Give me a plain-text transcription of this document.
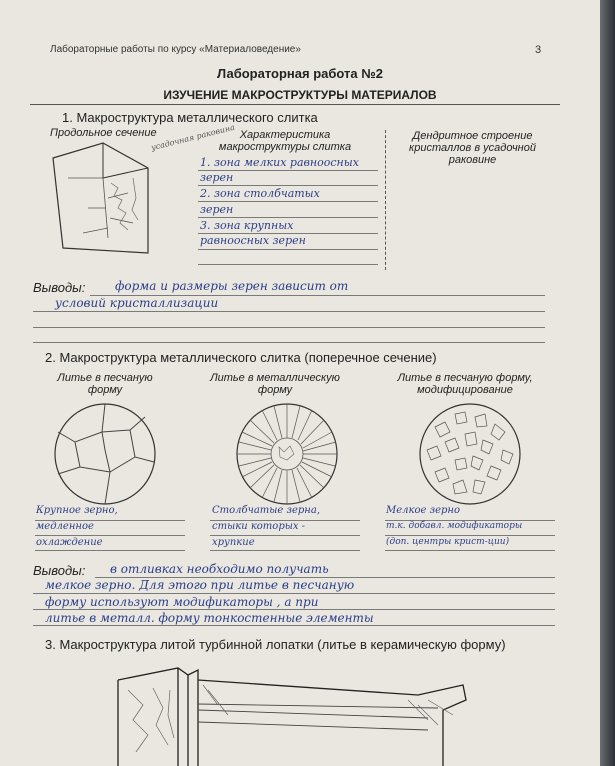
Лабораторные работы по курсу «Материаловедение»	3
Лабораторная работа №2
ИЗУЧЕНИЕ МАКРОСТРУКТУРЫ МАТЕРИАЛОВ
1. Макроструктура металлического слитка
Продольное сечение
усадочная раковина Характеристика макроструктуры слитка
Дендритное строение кристаллов в усадочной раковине
1. зона мелких равноосных
зерен
2. зона столбчатых
зерен
3. зона крупных
равноосных зерен
Выводы: форма и размеры зерен зависит от
условий кристаллизации
2. Макроструктура металлического слитка (поперечное сечение)
Литье в песчаную форму
Литье в металлическую форму
Литье в песчаную форму, модифицирование
Крупное зерно,
медленное
охлаждение
Столбчатые зерна,
стыки которых -
хрупкие
Мелкое зерно
т.к. добавл. модификаторы
(доп. центры крист-ции)
Выводы: в отливках необходимо получать
мелкое зерно. Для этого при литье в песчаную
форму используют модификаторы , а при
литье в металл. форму тонкостенные элементы
3. Макроструктура литой турбинной лопатки (литье в керамическую форму)
